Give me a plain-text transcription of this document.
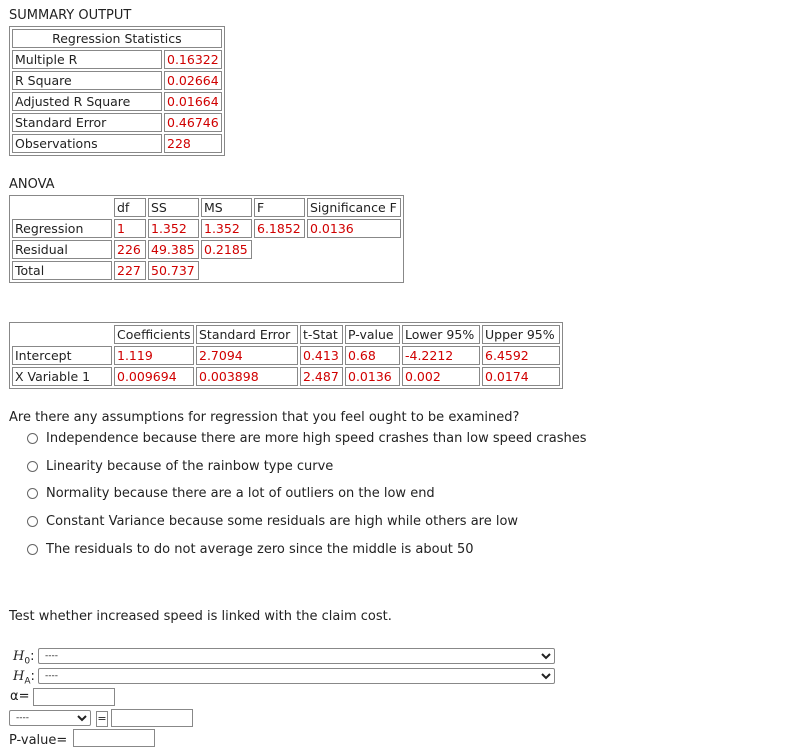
SUMMARY OUTPUT
Regression Statistics	
Multiple R	0.16322
R Square	0.02664
Adjusted R Square	0.01664
Standard Error	0.46746
Observations	228
ANOVA
	df	SS	MS	F	Significance F
Regression	1	1.352	1.352	6.1852	0.0136
Residual	226	49.385	0.2185		
Total	227	50.737			
	Coefficients	Standard Error	t-Stat	P-value	Lower 95%	Upper 95%
Intercept	1.119	2.7094	0.413	0.68	-4.2212	6.4592
X Variable 1	0.009694	0.003898	2.487	0.0136	0.002	0.0174
Are there any assumptions for regression that you feel ought to be examined?
Independence because there are more high speed crashes than low speed crashes
Linearity because of the rainbow type curve
Normality because there are a lot of outliers on the low end
Constant Variance because some residuals are high while others are low
The residuals to do not average zero since the middle is about 50
Test whether increased speed is linked with the claim cost.
$H_0$:
----
$H_A$:
----
α=
----
=
P-value=
